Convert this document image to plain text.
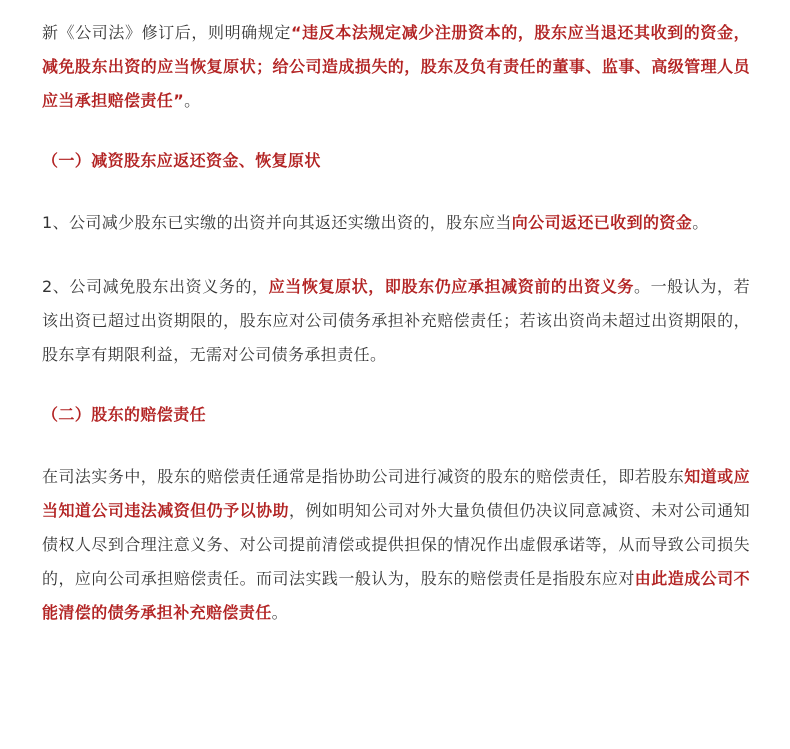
新《公司法》修订后，则明确规定“违反本法规定减少注册资本的，股东应当退还其收到的资金，减免股东出资的应当恢复原状；给公司造成损失的，股东及负有责任的董事、监事、高级管理人员应当承担赔偿责任”。

（一）减资股东应返还资金、恢复原状

1、公司减少股东已实缴的出资并向其返还实缴出资的，股东应当向公司返还已收到的资金。

2、公司减免股东出资义务的，应当恢复原状，即股东仍应承担减资前的出资义务。一般认为，若该出资已超过出资期限的，股东应对公司债务承担补充赔偿责任；若该出资尚未超过出资期限的，股东享有期限利益，无需对公司债务承担责任。

（二）股东的赔偿责任

在司法实务中，股东的赔偿责任通常是指协助公司进行减资的股东的赔偿责任，即若股东知道或应当知道公司违法减资但仍予以协助，例如明知公司对外大量负债但仍决议同意减资、未对公司通知债权人尽到合理注意义务、对公司提前清偿或提供担保的情况作出虚假承诺等，从而导致公司损失的，应向公司承担赔偿责任。而司法实践一般认为，股东的赔偿责任是指股东应对由此造成公司不能清偿的债务承担补充赔偿责任。
